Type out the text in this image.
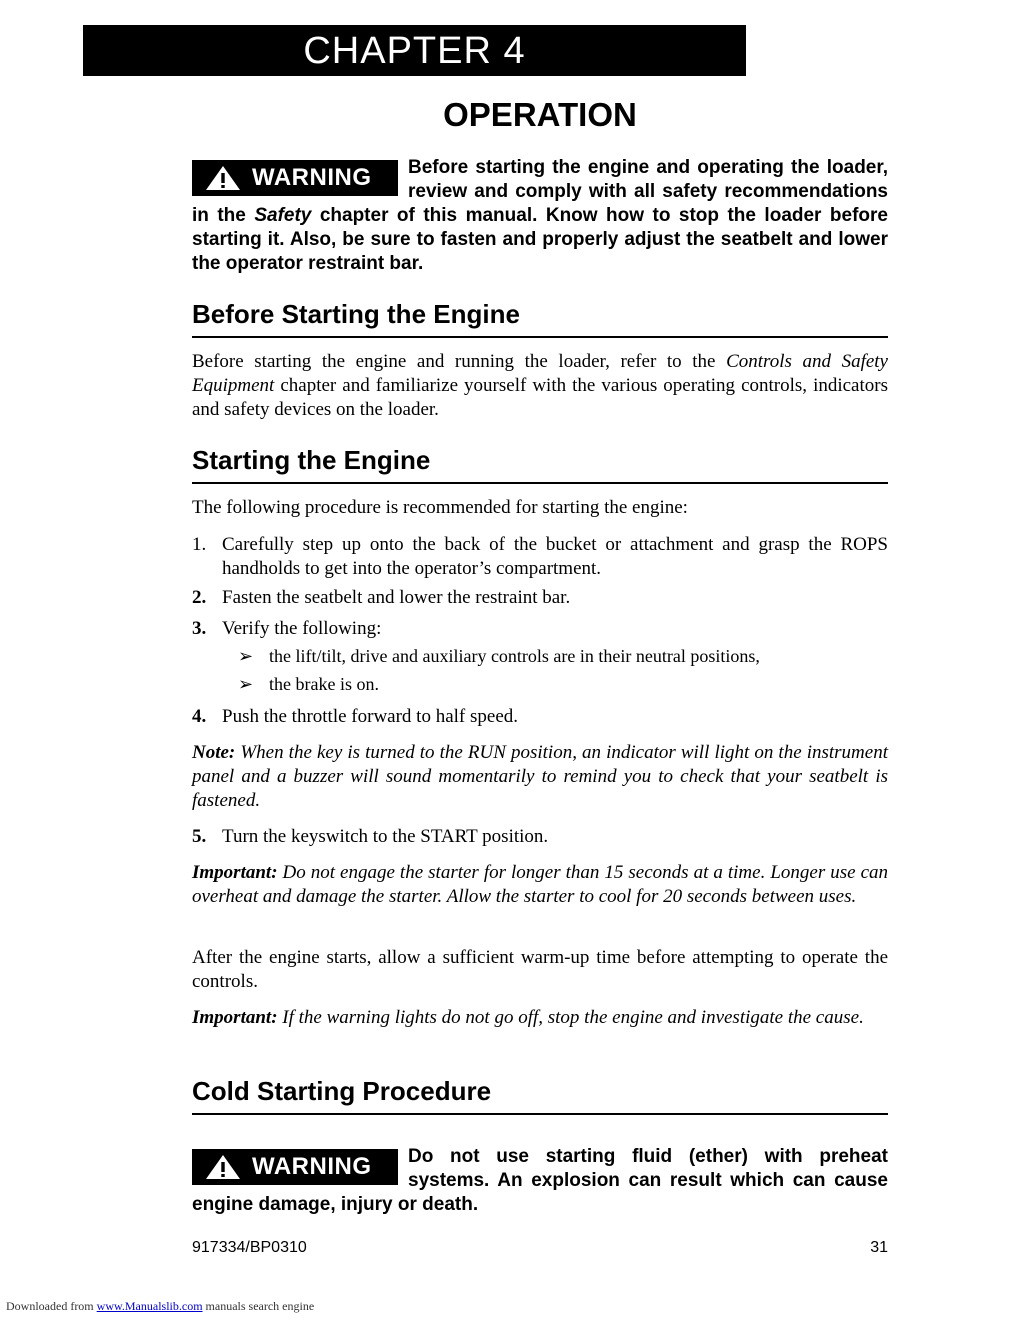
CHAPTER 4
OPERATION
WARNING Before starting the engine and operating the loader, review and comply with all safety recommendations in the Safety chapter of this manual. Know how to stop the loader before starting it. Also, be sure to fasten and properly adjust the seatbelt and lower the operator restraint bar.
Before Starting the Engine

Before starting the engine and running the loader, refer to the Controls and Safety Equipment chapter and familiarize yourself with the various operating controls, indicators and safety devices on the loader.

Starting the Engine

The following procedure is recommended for starting the engine:

1. Carefully step up onto the back of the bucket or attachment and grasp the ROPS handholds to get into the operator’s compartment.
2. Fasten the seatbelt and lower the restraint bar.
3. Verify the following:
➢ the lift/tilt, drive and auxiliary controls are in their neutral positions,
➢ the brake is on.
4. Push the throttle forward to half speed.
Note: When the key is turned to the RUN position, an indicator will light on the instrument panel and a buzzer will sound momentarily to remind you to check that your seatbelt is fastened.
5. Turn the keyswitch to the START position.
Important: Do not engage the starter for longer than 15 seconds at a time. Longer use can overheat and damage the starter. Allow the starter to cool for 20 seconds between uses.

After the engine starts, allow a sufficient warm-up time before attempting to operate the controls.

Important: If the warning lights do not go off, stop the engine and investigate the cause.
Cold Starting Procedure
WARNING Do not use starting fluid (ether) with preheat systems. An explosion can result which can cause engine damage, injury or death.
917334/BP0310	31
Downloaded from www.Manualslib.com manuals search engine
